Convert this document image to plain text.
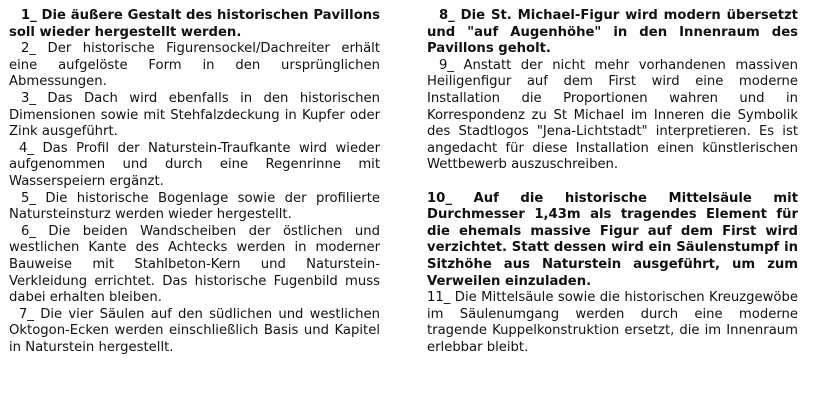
1_ Die äußere Gestalt des historischen Pavillons soll wieder hergestellt werden.

2_ Der historische Figurensockel/Dachreiter erhält eine aufgelöste Form in den ursprünglichen Abmessungen.

3_ Das Dach wird ebenfalls in den historischen Dimensionen sowie mit Stehfalzdeckung in Kupfer oder Zink ausgeführt.

4_ Das Profil der Naturstein-Traufkante wird wieder aufgenommen und durch eine Regenrinne mit Wasserspeiern ergänzt.

5_ Die historische Bogenlage sowie der profilierte Natursteinsturz werden wieder hergestellt.

6_ Die beiden Wandscheiben der östlichen und westlichen Kante des Achtecks werden in moderner Bauweise mit Stahlbeton-Kern und Naturstein-Verkleidung errichtet. Das historische Fugenbild muss dabei erhalten bleiben.

7_ Die vier Säulen auf den südlichen und westlichen Oktogon-Ecken werden einschließlich Basis und Kapitel in Naturstein hergestellt.

8_ Die St. Michael-Figur wird modern übersetzt und "auf Augenhöhe" in den Innenraum des Pavillons geholt.

9_ Anstatt der nicht mehr vorhandenen massiven Heiligenfigur auf dem First wird eine moderne Installation die Proportionen wahren und in Korrespondenz zu St Michael im Inneren die Symbolik des Stadtlogos "Jena-Lichtstadt" interpretieren. Es ist angedacht für diese Installation einen künstlerischen Wettbewerb auszuschreiben.

10_ Auf die historische Mittelsäule mit Durchmesser 1,43m als tragendes Element für die ehemals massive Figur auf dem First wird verzichtet. Statt dessen wird ein Säulenstumpf in Sitzhöhe aus Naturstein ausgeführt, um zum Verweilen einzuladen.

11_ Die Mittelsäule sowie die historischen Kreuzgewöbe im Säulenumgang werden durch eine moderne tragende Kuppelkonstruktion ersetzt, die im Innenraum erlebbar bleibt.
